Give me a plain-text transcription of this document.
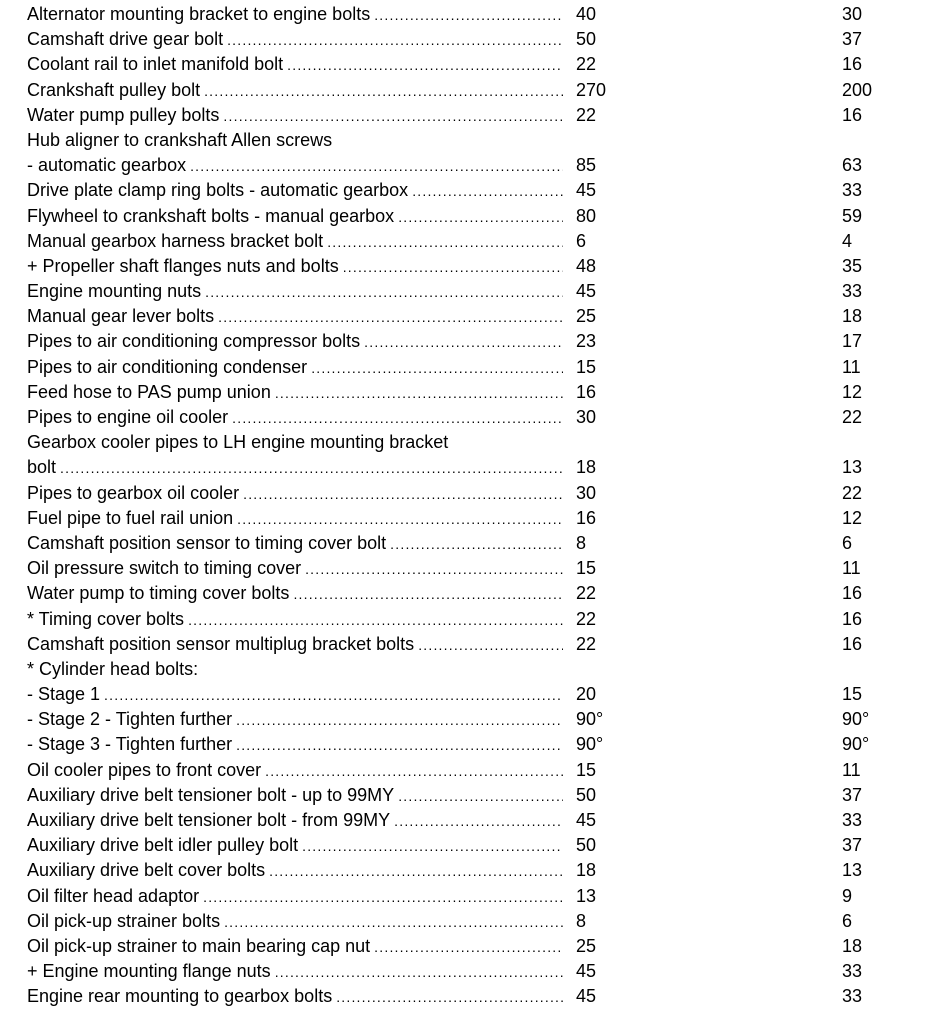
Alternator mounting bracket to engine bolts .....	40	30
Camshaft drive gear bolt .....	50	37
Coolant rail to inlet manifold bolt .....	22	16
Crankshaft pulley bolt .....	270	200
Water pump pulley bolts .....	22	16
Hub aligner to crankshaft Allen screws
- automatic gearbox .....	85	63
Drive plate clamp ring bolts - automatic gearbox .....	45	33
Flywheel to crankshaft bolts - manual gearbox .....	80	59
Manual gearbox harness bracket bolt .....	6	4
+ Propeller shaft flanges nuts and bolts .....	48	35
Engine mounting nuts .....	45	33
Manual gear lever bolts .....	25	18
Pipes to air conditioning compressor bolts .....	23	17
Pipes to air conditioning condenser .....	15	11
Feed hose to PAS pump union .....	16	12
Pipes to engine oil cooler .....	30	22
Gearbox cooler pipes to LH engine mounting bracket
bolt .....	18	13
Pipes to gearbox oil cooler .....	30	22
Fuel pipe to fuel rail union .....	16	12
Camshaft position sensor to timing cover bolt .....	8	6
Oil pressure switch to timing cover .....	15	11
Water pump to timing cover bolts .....	22	16
* Timing cover bolts .....	22	16
Camshaft position sensor multiplug bracket bolts .....	22	16
* Cylinder head bolts:
- Stage 1 .....	20	15
- Stage 2 - Tighten further .....	90°	90°
- Stage 3 - Tighten further .....	90°	90°
Oil cooler pipes to front cover .....	15	11
Auxiliary drive belt tensioner bolt - up to 99MY .....	50	37
Auxiliary drive belt tensioner bolt - from 99MY .....	45	33
Auxiliary drive belt idler pulley bolt .....	50	37
Auxiliary drive belt cover bolts .....	18	13
Oil filter head adaptor .....	13	9
Oil pick-up strainer bolts .....	8	6
Oil pick-up strainer to main bearing cap nut .....	25	18
+ Engine mounting flange nuts .....	45	33
Engine rear mounting to gearbox bolts .....	45	33
